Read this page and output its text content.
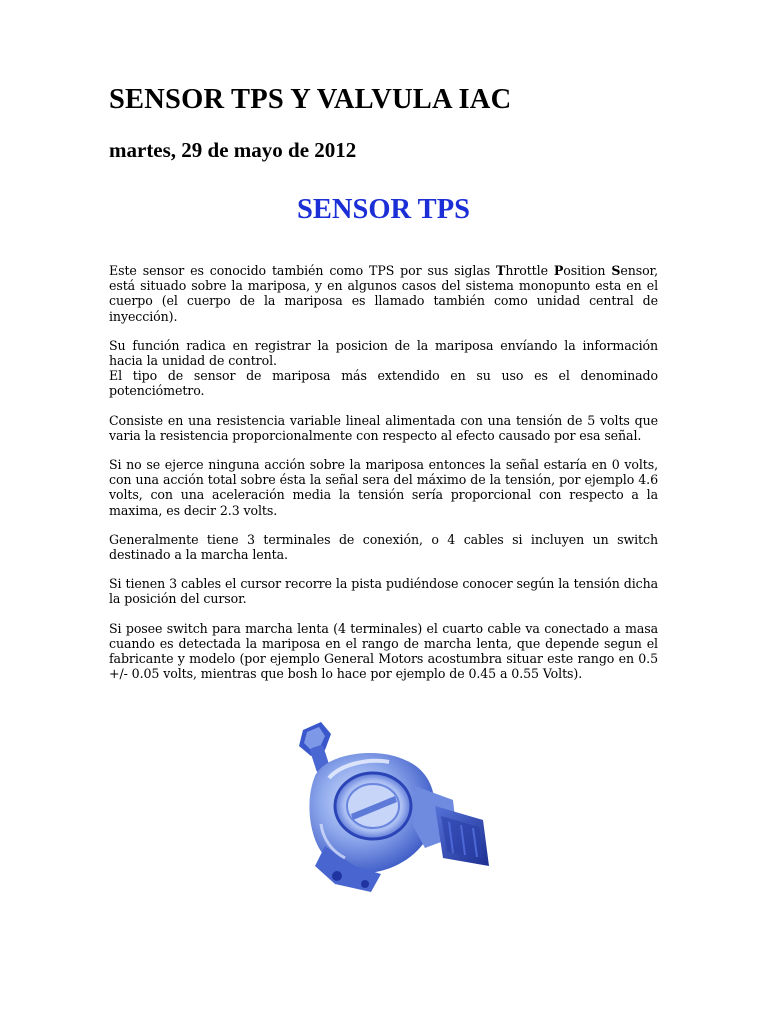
SENSOR TPS Y VALVULA IAC
martes, 29 de mayo de 2012
SENSOR TPS

Este sensor es conocido también como TPS por sus siglas Throttle Position Sensor, está situado sobre la mariposa, y en algunos casos del sistema monopunto esta en el cuerpo (el cuerpo de la mariposa es llamado también como unidad central de inyección).

Su función radica en registrar la posicion de la mariposa envíando la información hacia la unidad de control.

El tipo de sensor de mariposa más extendido en su uso es el denominado potenciómetro.

Consiste en una resistencia variable lineal alimentada con una tensión de 5 volts que varia la resistencia proporcionalmente con respecto al efecto causado por esa señal.

Si no se ejerce ninguna acción sobre la mariposa entonces la señal estaría en 0 volts, con una acción total sobre ésta la señal sera del máximo de la tensión, por ejemplo 4.6 volts, con una aceleración media la tensión sería proporcional con respecto a la maxima, es decir 2.3 volts.

Generalmente tiene 3 terminales de conexión, o 4 cables si incluyen un switch destinado a la marcha lenta.

Si tienen 3 cables el cursor recorre la pista pudiéndose conocer según la tensión dicha la posición del cursor.

Si posee switch para marcha lenta (4 terminales) el cuarto cable va conectado a masa cuando es detectada la mariposa en el rango de marcha lenta, que depende segun el fabricante y modelo (por ejemplo General Motors acostumbra situar este rango en 0.5 +/- 0.05 volts, mientras que bosh lo hace por ejemplo de 0.45 a 0.55 Volts).
